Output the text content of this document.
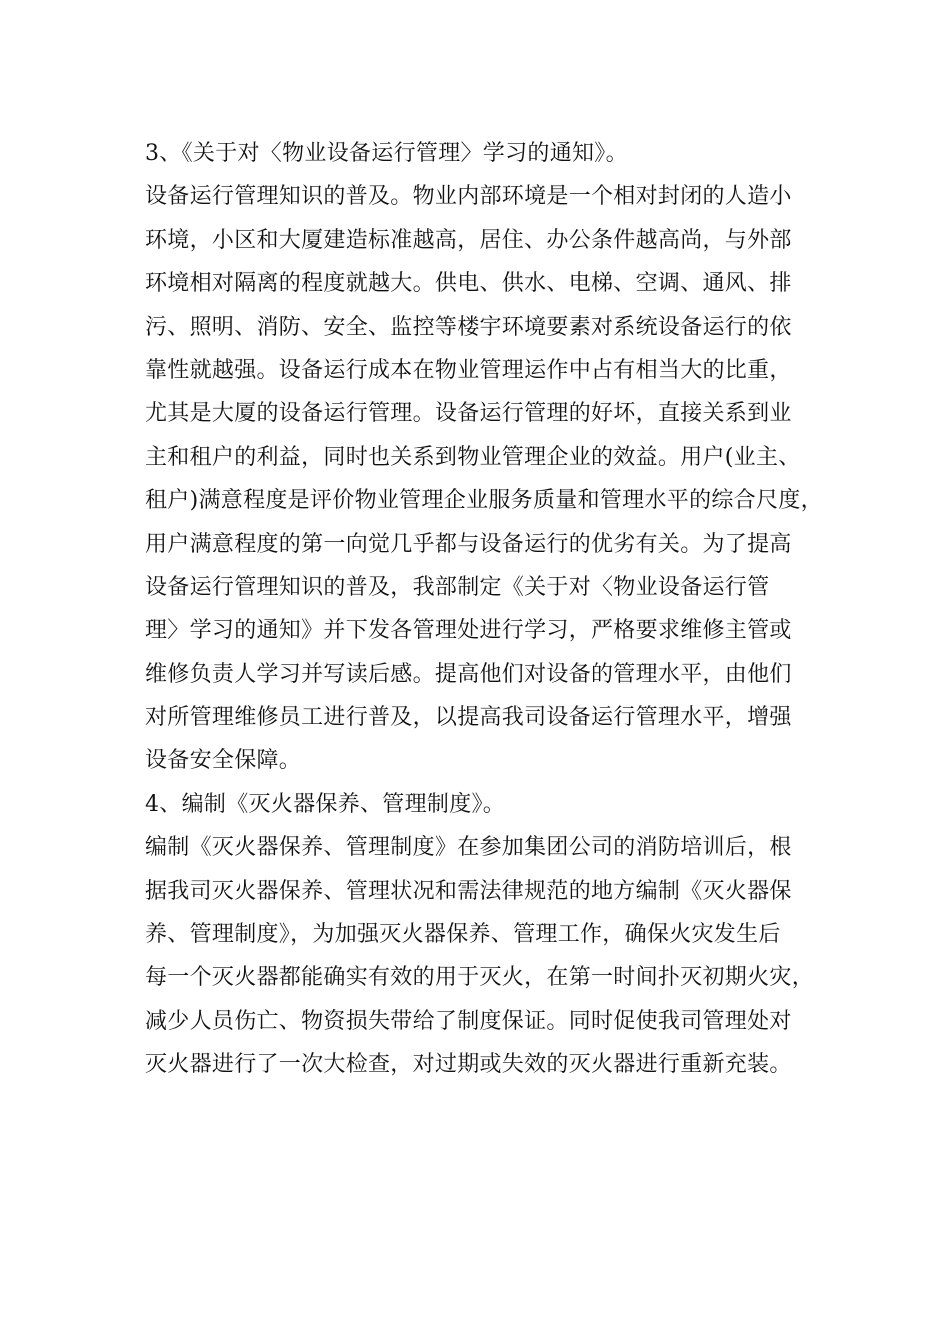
3、《关于对〈物业设备运行管理〉学习的通知》。
设备运行管理知识的普及。物业内部环境是一个相对封闭的人造小
环境，小区和大厦建造标准越高，居住、办公条件越高尚，与外部
环境相对隔离的程度就越大。供电、供水、电梯、空调、通风、排
污、照明、消防、安全、监控等楼宇环境要素对系统设备运行的依
靠性就越强。设备运行成本在物业管理运作中占有相当大的比重，
尤其是大厦的设备运行管理。设备运行管理的好坏，直接关系到业
主和租户的利益，同时也关系到物业管理企业的效益。用户(业主、
租户)满意程度是评价物业管理企业服务质量和管理水平的综合尺度，
用户满意程度的第一向觉几乎都与设备运行的优劣有关。为了提高
设备运行管理知识的普及，我部制定《关于对〈物业设备运行管
理〉学习的通知》并下发各管理处进行学习，严格要求维修主管或
维修负责人学习并写读后感。提高他们对设备的管理水平，由他们
对所管理维修员工进行普及，以提高我司设备运行管理水平，增强
设备安全保障。
4、编制《灭火器保养、管理制度》。
编制《灭火器保养、管理制度》在参加集团公司的消防培训后，根
据我司灭火器保养、管理状况和需法律规范的地方编制《灭火器保
养、管理制度》，为加强灭火器保养、管理工作，确保火灾发生后
每一个灭火器都能确实有效的用于灭火，在第一时间扑灭初期火灾，
减少人员伤亡、物资损失带给了制度保证。同时促使我司管理处对
灭火器进行了一次大检查，对过期或失效的灭火器进行重新充装。
